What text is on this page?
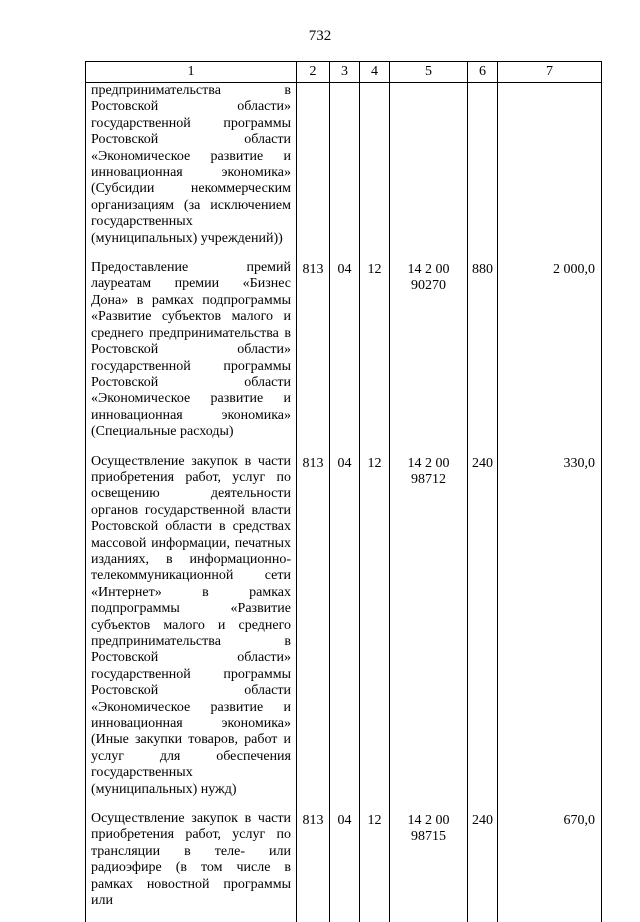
732
1	2	3	4	5	6	7
предпринимательства в Ростовской области» государственной программы Ростовской области «Экономическое развитие и инновационная экономика» (Субсидии некоммерческим организациям (за исключением государственных (муниципальных) учреждений))						
Предоставление премий лауреатам премии «Бизнес Дона» в рамках подпрограммы «Развитие субъектов малого и среднего предпринимательства в Ростовской области» государственной программы Ростовской области «Экономическое развитие и инновационная экономика» (Специальные расходы)	813	04	12	14 2 00 90270	880	2 000,0
Осуществление закупок в части приобретения работ, услуг по освещению деятельности органов государственной власти Ростовской области в средствах массовой информации, печатных изданиях, в информационно-телекоммуникационной сети «Интернет» в рамках подпрограммы «Развитие субъектов малого и среднего предпринимательства в Ростовской области» государственной программы Ростовской области «Экономическое развитие и инновационная экономика» (Иные закупки товаров, работ и услуг для обеспечения государственных (муниципальных) нужд)	813	04	12	14 2 00 98712	240	330,0
Осуществление закупок в части приобретения работ, услуг по трансляции в теле- или радиоэфире (в том числе в рамках новостной программы или	813	04	12	14 2 00 98715	240	670,0
